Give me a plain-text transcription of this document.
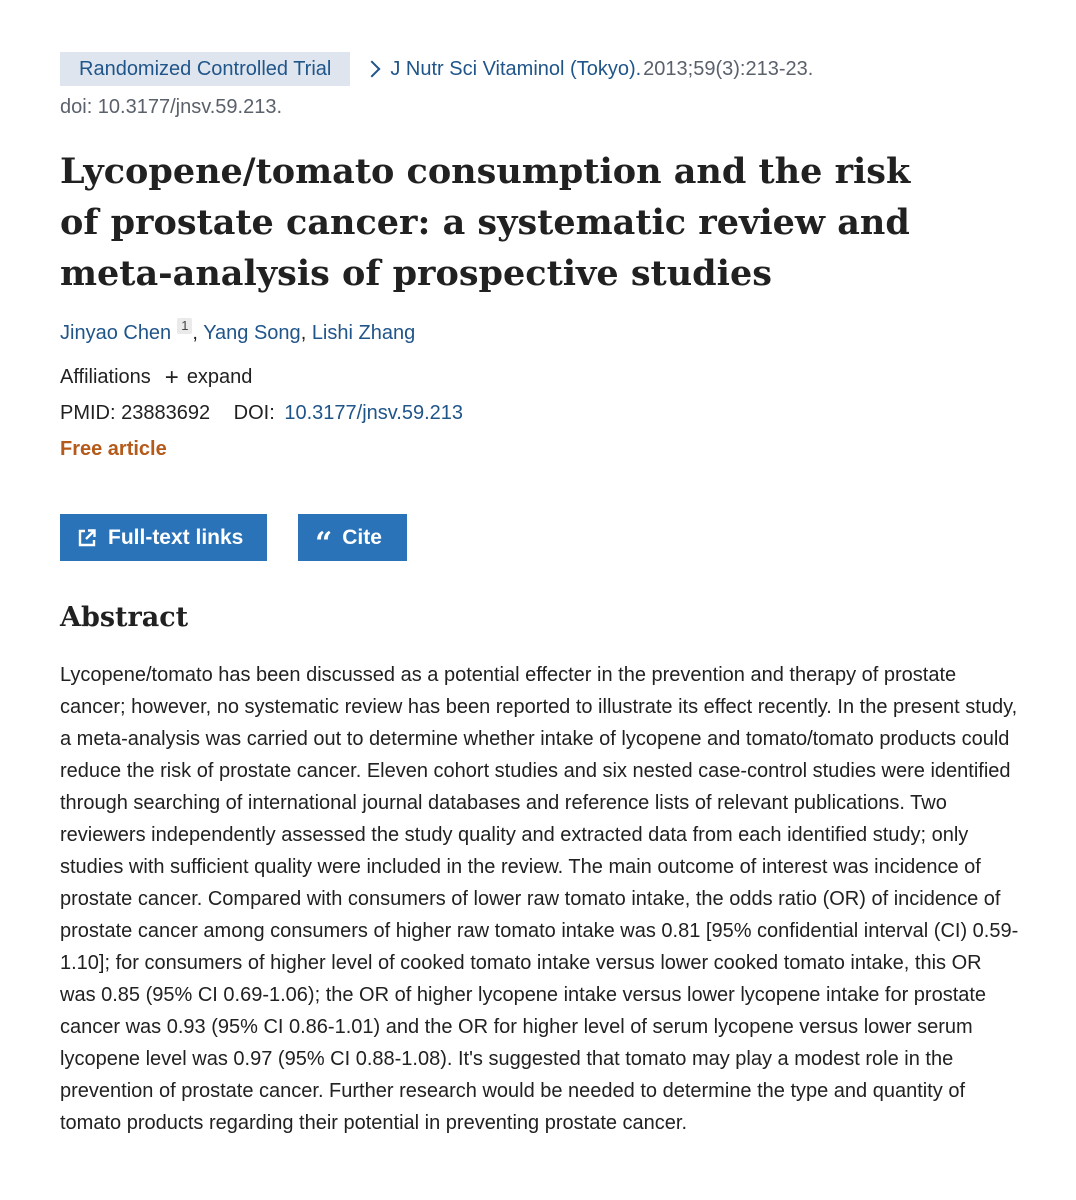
Randomized Controlled Trial	J Nutr Sci Vitaminol (Tokyo). 2013;59(3):213-23.
doi: 10.3177/jnsv.59.213.
Lycopene/tomato consumption and the risk of prostate cancer: a systematic review and meta-analysis of prospective studies
Jinyao Chen 1 , Yang Song, Lishi Zhang
Affiliations + expand
PMID: 23883692 DOI: 10.3177/jnsv.59.213
Free article
Full-text links “ Cite
Abstract

Lycopene/tomato has been discussed as a potential effecter in the prevention and therapy of prostate cancer; however, no systematic review has been reported to illustrate its effect recently. In the present study, a meta-analysis was carried out to determine whether intake of lycopene and tomato/tomato products could reduce the risk of prostate cancer. Eleven cohort studies and six nested case-control studies were identified through searching of international journal databases and reference lists of relevant publications. Two reviewers independently assessed the study quality and extracted data from each identified study; only studies with sufficient quality were included in the review. The main outcome of interest was incidence of prostate cancer. Compared with consumers of lower raw tomato intake, the odds ratio (OR) of incidence of prostate cancer among consumers of higher raw tomato intake was 0.81 [95% confidential interval (CI) 0.59-1.10]; for consumers of higher level of cooked tomato intake versus lower cooked tomato intake, this OR was 0.85 (95% CI 0.69-1.06); the OR of higher lycopene intake versus lower lycopene intake for prostate cancer was 0.93 (95% CI 0.86-1.01) and the OR for higher level of serum lycopene versus lower serum lycopene level was 0.97 (95% CI 0.88-1.08). It's suggested that tomato may play a modest role in the prevention of prostate cancer. Further research would be needed to determine the type and quantity of tomato products regarding their potential in preventing prostate cancer.
